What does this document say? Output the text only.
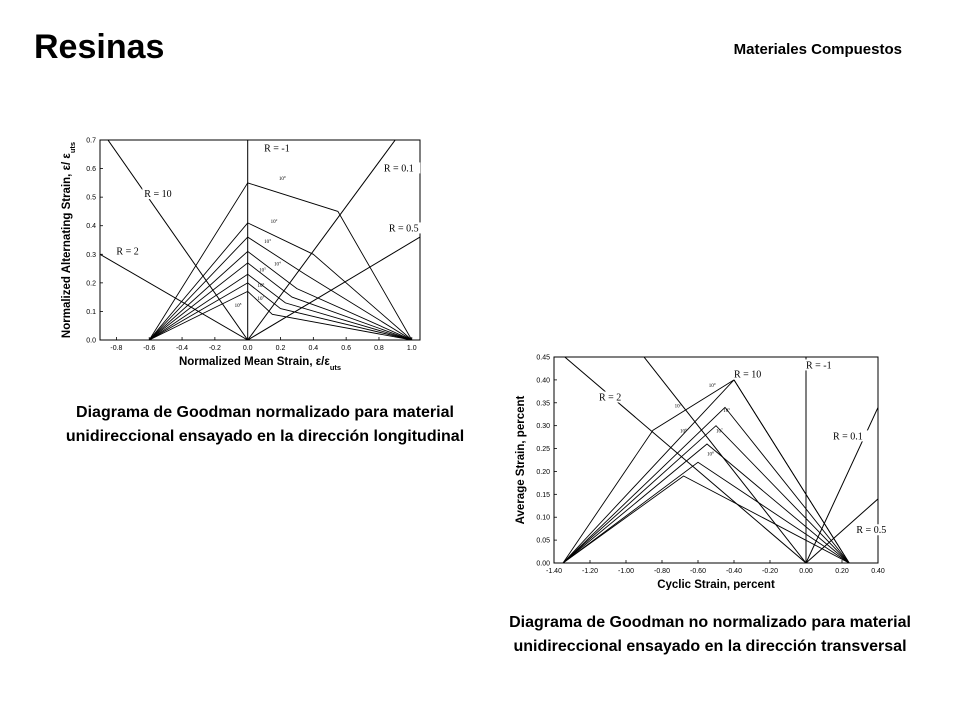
Resinas	Materiales Compuestos
-0.8	-0.6	-0.4	-0.2	0.0	0.2	0.4	0.6	0.8	1.0
0.0
0.1
0.2
0.3
0.4
0.5
0.6
0.7
R = -1
R = 10
R = 2
R = 0.1
R = 0.5
$10^0$
$10^2$
$10^3$
$10^4$
$10^5$
$10^6$
$10^7$
$10^8$
Normalized Mean Strain, $\varepsilon/\varepsilon_{uts}$
Normalized Alternating Strain, ε/ $\varepsilon_{uts}$
-1.40	-1.20	-1.00	-0.80	-0.60	-0.40	-0.20	0.00	0.20	0.40
0.00
0.05
0.10
0.15
0.20
0.25
0.30
0.35
0.40
0.45
R = -1
R = 10
R = 2
R = 0.1
R = 0.5
$10^0$
$10^3$
$10^5$
$10^6$	$10^7$
$10^8$
Cyclic Strain, percent
Average Strain, percent
Diagrama de Goodman normalizado para material
unidireccional ensayado en la dirección longitudinal
Diagrama de Goodman no normalizado para material
unidireccional ensayado en la dirección transversal
